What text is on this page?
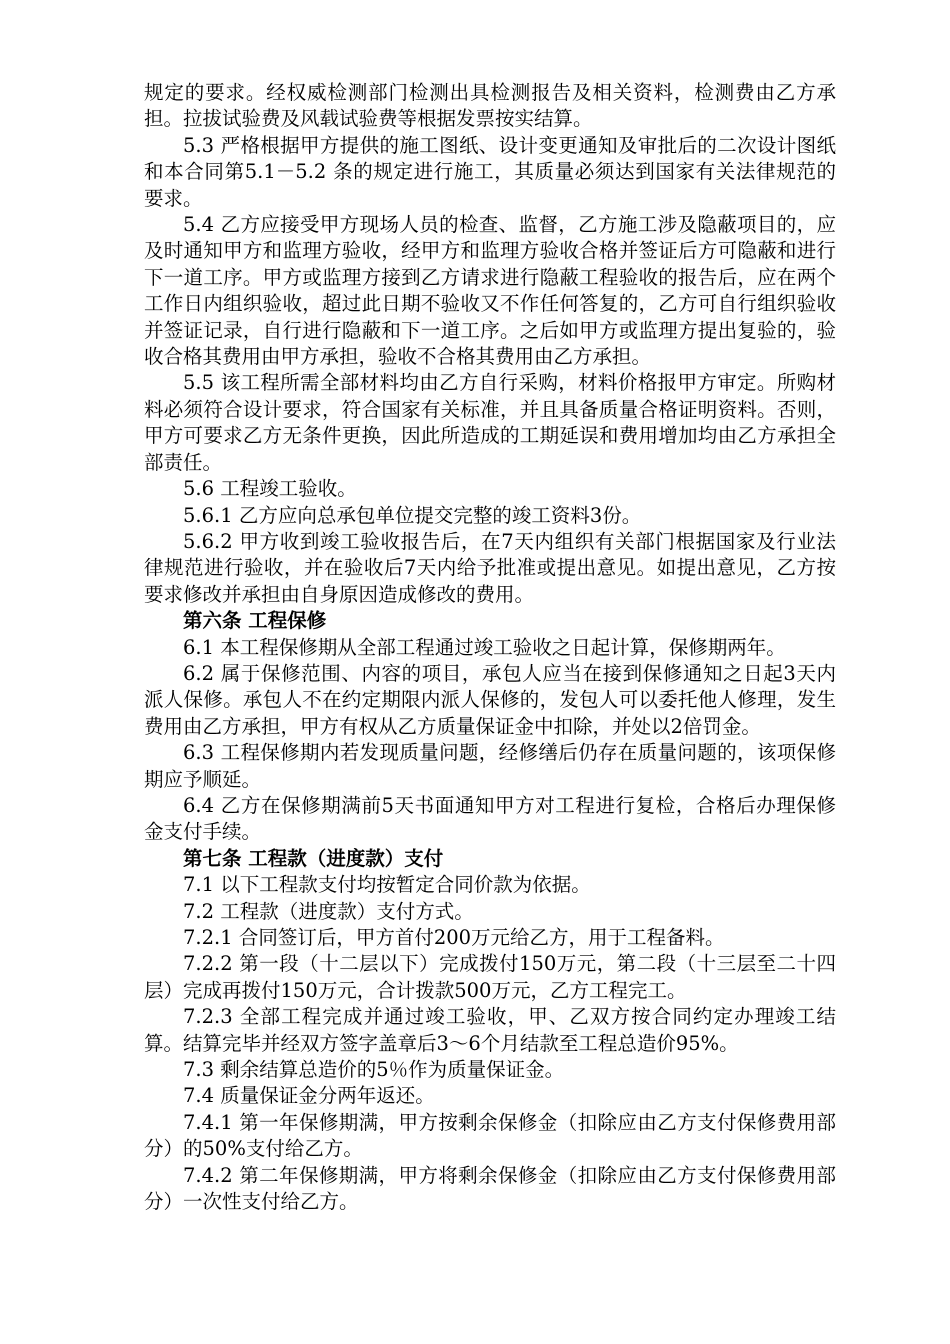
规定的要求。经权威检测部门检测出具检测报告及相关资料，检测费由乙方承担。拉拔试验费及风载试验费等根据发票按实结算。

5.3 严格根据甲方提供的施工图纸、设计变更通知及审批后的二次设计图纸和本合同第5.1－5.2 条的规定进行施工，其质量必须达到国家有关法律规范的要求。

5.4 乙方应接受甲方现场人员的检查、监督，乙方施工涉及隐蔽项目的，应及时通知甲方和监理方验收，经甲方和监理方验收合格并签证后方可隐蔽和进行下一道工序。甲方或监理方接到乙方请求进行隐蔽工程验收的报告后，应在两个工作日内组织验收，超过此日期不验收又不作任何答复的，乙方可自行组织验收并签证记录，自行进行隐蔽和下一道工序。之后如甲方或监理方提出复验的，验收合格其费用由甲方承担，验收不合格其费用由乙方承担。

5.5 该工程所需全部材料均由乙方自行采购，材料价格报甲方审定。所购材料必须符合设计要求，符合国家有关标准，并且具备质量合格证明资料。否则，甲方可要求乙方无条件更换，因此所造成的工期延误和费用增加均由乙方承担全部责任。

5.6 工程竣工验收。

5.6.1 乙方应向总承包单位提交完整的竣工资料3份。

5.6.2 甲方收到竣工验收报告后，在7天内组织有关部门根据国家及行业法律规范进行验收，并在验收后7天内给予批准或提出意见。如提出意见，乙方按要求修改并承担由自身原因造成修改的费用。

第六条 工程保修

6.1 本工程保修期从全部工程通过竣工验收之日起计算，保修期两年。

6.2 属于保修范围、内容的项目，承包人应当在接到保修通知之日起3天内派人保修。承包人不在约定期限内派人保修的，发包人可以委托他人修理，发生费用由乙方承担，甲方有权从乙方质量保证金中扣除，并处以2倍罚金。

6.3 工程保修期内若发现质量问题，经修缮后仍存在质量问题的，该项保修期应予顺延。

6.4 乙方在保修期满前5天书面通知甲方对工程进行复检，合格后办理保修金支付手续。

第七条 工程款（进度款）支付

7.1 以下工程款支付均按暂定合同价款为依据。

7.2 工程款（进度款）支付方式。

7.2.1 合同签订后，甲方首付200万元给乙方，用于工程备料。

7.2.2 第一段（十二层以下）完成拨付150万元，第二段（十三层至二十四层）完成再拨付150万元，合计拨款500万元，乙方工程完工。

7.2.3 全部工程完成并通过竣工验收，甲、乙双方按合同约定办理竣工结算。结算完毕并经双方签字盖章后3～6个月结款至工程总造价95%。

7.3 剩余结算总造价的5％作为质量保证金。

7.4 质量保证金分两年返还。

7.4.1 第一年保修期满，甲方按剩余保修金（扣除应由乙方支付保修费用部分）的50%支付给乙方。

7.4.2 第二年保修期满，甲方将剩余保修金（扣除应由乙方支付保修费用部分）一次性支付给乙方。
